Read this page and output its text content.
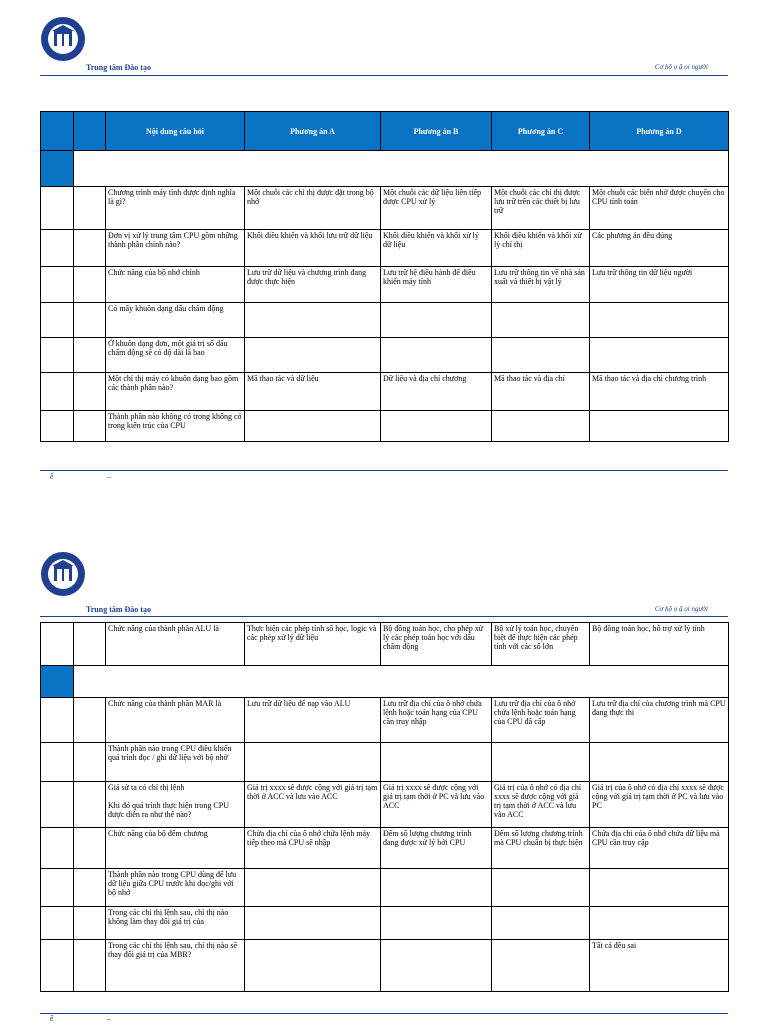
Trung tâm Đào tạo	Cơ hộ ọ ậ ọi người
		Nội dung câu hỏi	Phương án A	Phương án B	Phương án C	Phương án D

		Chương trình máy tính được định nghĩa là gì?	Một chuỗi các chỉ thị được đặt trong bộ nhớ	Một chuỗi các dữ liệu liên tiếp được CPU xử lý	Một chuỗi các chỉ thị được lưu trữ trên các thiết bị lưu trữ	Một chuỗi các biến nhớ được chuyển cho CPU tính toán
		Đơn vị xử lý trung tâm CPU gồm những thành phần chính nào?	Khối điều khiển và khối lưu trữ dữ liệu	Khối điều khiển và khối xử lý dữ liệu	Khối điều khiển và khối xử lý chỉ thị	Các phương án đều đúng
		Chức năng của bộ nhớ chính	Lưu trữ dữ liệu và chương trình đang được thực hiện	Lưu trữ hệ điều hành để điều khiển máy tính	Lưu trữ thông tin về nhà sản xuất và thiết bị vật lý	Lưu trữ thông tin dữ liệu người
		Có mấy khuôn dạng dấu chấm động				
		Ở khuôn dạng đơn, một giá trị số dấu chấm động sẽ có độ dài là bao				
		Một chỉ thị máy có khuôn dạng bao gồm các thành phần nào?	Mã thao tác và dữ liệu	Dữ liệu và địa chỉ chương	Mã thao tác và địa chỉ	Mã thao tác và địa chỉ chương trình
		Thành phần nào không có trong không có trong kiến trúc của CPU				
ế	–
Trung tâm Đào tạo	Cơ hộ ọ ậ ọi người
		Chức năng của thành phần ALU là	Thực hiện các phép tính số học, logic và các phép xử lý dữ liệu	Bộ đồng toán học, cho phép xử lý các phép toán học với dấu chấm động	Bộ xử lý toán học, chuyên biệt để thực hiện các phép tính với các số lớn	Bộ đồng toán học, hỗ trợ xử lý tính

		Chức năng của thành phần MAR là	Lưu trữ dữ liệu để nạp vào ALU	Lưu trữ địa chỉ của ô nhớ chứa lệnh hoặc toán hạng của CPU cần truy nhập	Lưu trữ địa chỉ của ô nhớ chứa lệnh hoặc toán hạng của CPU đã cấp	Lưu trữ địa chỉ của chương trình mà CPU đang thực thi
		Thành phần nào trong CPU điều khiển quá trình đọc / ghi dữ liệu với bộ nhớ				

		Giả sử ta có chỉ thị lệnh
Khi đó quá trình thực hiện trong CPU được diễn ra như thế nào?	Giá trị xxxx sẽ được cộng với giá trị tạm thời ở ACC và lưu vào ACC	Giá trị xxxx sẽ được cộng với giá trị tạm thời ở PC và lưu vào ACC	Giá trị của ô nhớ có địa chỉ xxxx sẽ được cộng với giá trị tạm thời ở ACC và lưu vào ACC	Giá trị của ô nhớ có địa chỉ xxxx sẽ được cộng với giá trị tạm thời ở PC và lưu vào PC
		Chức năng của bộ đếm chương	Chứa địa chỉ của ô nhớ chứa lệnh máy tiếp theo mà CPU sẽ nhập	Đếm số lượng chương trình đang được xử lý bởi CPU	Đếm số lượng chương trình mà CPU chuẩn bị thực hiện	Chứa địa chỉ của ô nhớ chứa dữ liệu mà CPU cần truy cập
		Thành phần nào trong CPU dùng để lưu dữ liệu giữa CPU trước khi đọc/ghi với bộ nhớ				
		Trong các chỉ thị lệnh sau, chỉ thị nào không làm thay đổi giá trị của				
		Trong các chỉ thị lệnh sau, chỉ thị nào sẽ thay đổi giá trị của MBR?				Tất cả đều sai
ế	–
